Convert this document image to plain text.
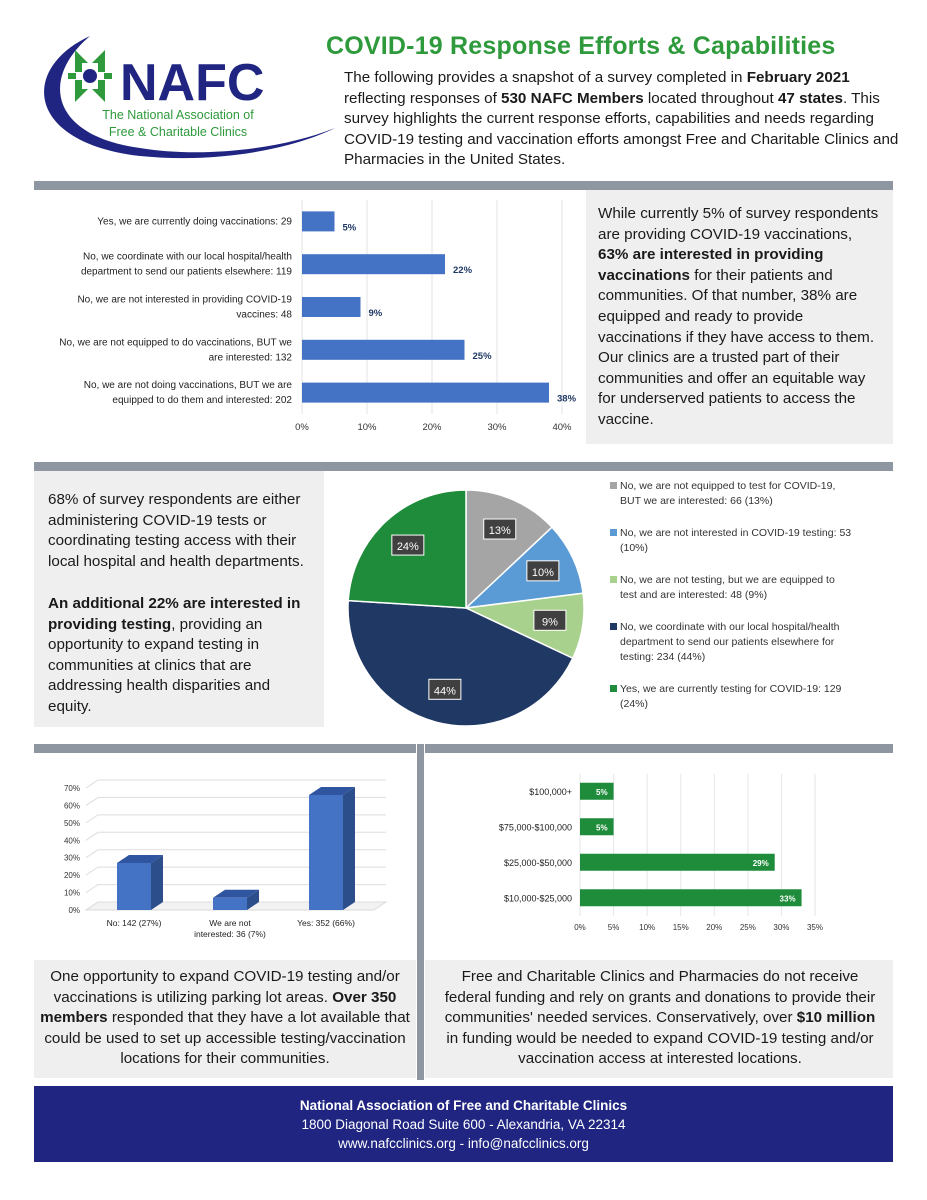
NAFC
The National Association of
Free & Charitable Clinics
COVID-19 Response Efforts & Capabilities
The following provides a snapshot of a survey completed in February 2021 reflecting responses of 530 NAFC Members located throughout 47 states. This survey highlights the current response efforts, capabilities and needs regarding COVID-19 testing and vaccination efforts amongst Free and Charitable Clinics and Pharmacies in the United States.
0%	10%	20%	30%	40%
5%
Yes, we are currently doing vaccinations: 29
22%
No, we coordinate with our local hospital/health
department to send our patients elsewhere: 119
9%
No, we are not interested in providing COVID-19
vaccines: 48
25%
No, we are not equipped to do vaccinations, BUT we
are interested: 132
38%
No, we are not doing vaccinations, BUT we are
equipped to do them and interested: 202
While currently 5% of survey respondents are providing COVID-19 vaccinations, 63% are interested in providing vaccinations for their patients and communities. Of that number, 38% are equipped and ready to provide vaccinations if they have access to them. Our clinics are a trusted part of their communities and offer an equitable way for underserved patients to access the vaccine.
68% of survey respondents are either administering COVID-19 tests or coordinating testing access with their local hospital and health departments.
An additional 22% are interested in providing testing, providing an opportunity to expand testing in communities at clinics that are addressing health disparities and equity.
13%
10%
9%
44%
24%
No, we are not equipped to test for COVID-19,
BUT we are interested: 66 (13%)
No, we are not interested in COVID-19 testing: 53
(10%)
No, we are not testing, but we are equipped to
test and are interested: 48 (9%)
No, we coordinate with our local hospital/health
department to send our patients elsewhere for
testing: 234 (44%)
Yes, we are currently testing for COVID-19: 129
(24%)
0%
10%
20%
30%
40%
50%
60%
70%
No: 142 (27%)	We are not
interested: 36 (7%)
Yes: 352 (66%)	0%	5% 10% 15% 20% 25% 30% 35%
5%
$100,000+
5%
$75,000-$100,000
29%
$25,000-$50,000
33%
$10,000-$25,000
One opportunity to expand COVID-19 testing and/or vaccinations is utilizing parking lot areas. Over 350 members responded that they have a lot available that could be used to set up accessible testing/vaccination locations for their communities.
Free and Charitable Clinics and Pharmacies do not receive federal funding and rely on grants and donations to provide their communities' needed services. Conservatively, over $10 million in funding would be needed to expand COVID-19 testing and/or vaccination access at interested locations.
National Association of Free and Charitable Clinics
1800 Diagonal Road Suite 600 - Alexandria, VA 22314
www.nafcclinics.org - info@nafcclinics.org
